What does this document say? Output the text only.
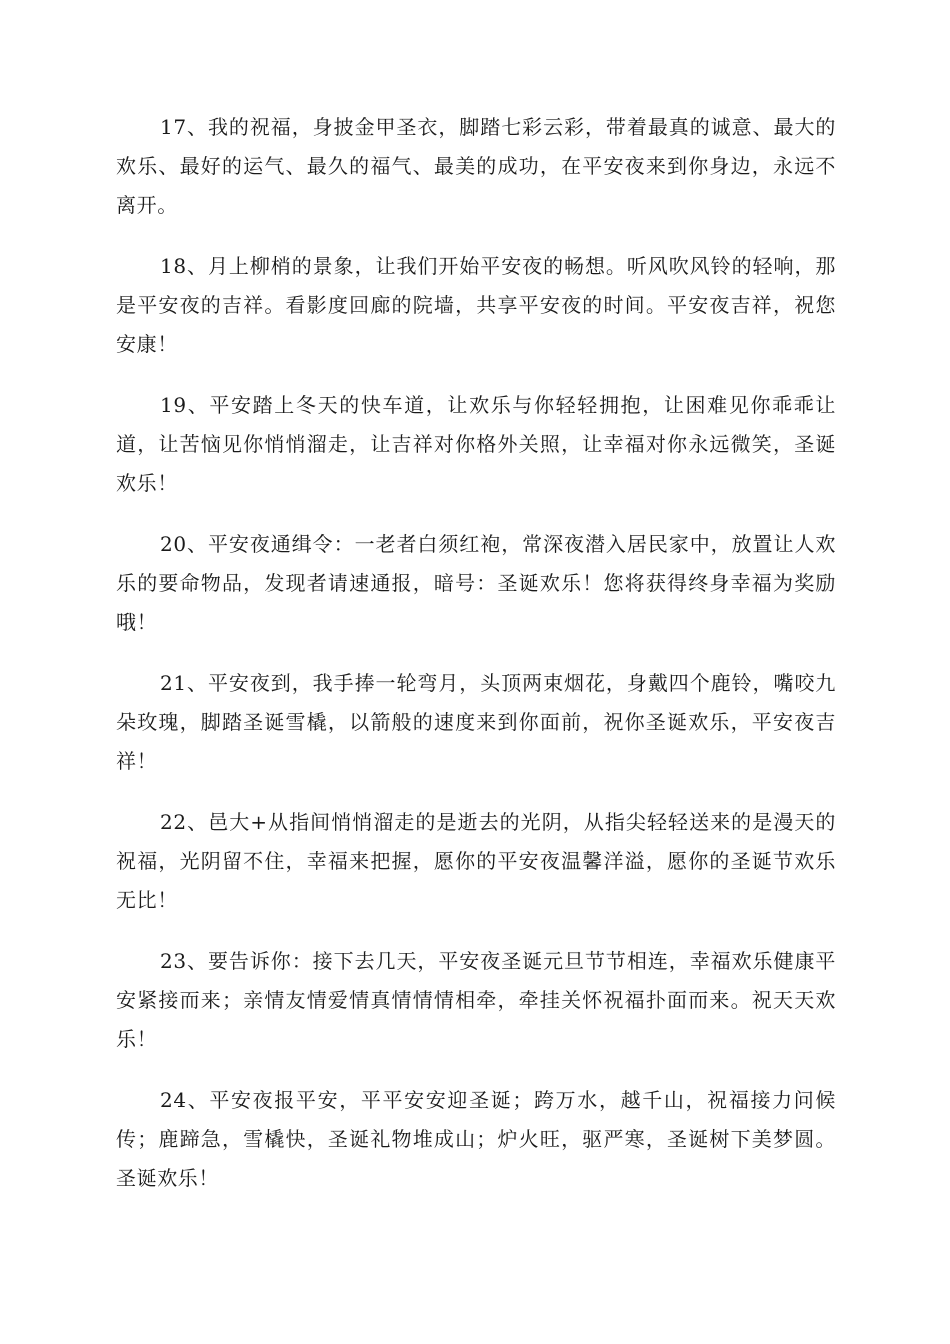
17、我的祝福，身披金甲圣衣，脚踏七彩云彩，带着最真的诚意、最大的欢乐、最好的运气、最久的福气、最美的成功，在平安夜来到你身边，永远不离开。

18、月上柳梢的景象，让我们开始平安夜的畅想。听风吹风铃的轻响，那是平安夜的吉祥。看影度回廊的院墙，共享平安夜的时间。平安夜吉祥，祝您安康！

19、平安踏上冬天的快车道，让欢乐与你轻轻拥抱，让困难见你乖乖让道，让苦恼见你悄悄溜走，让吉祥对你格外关照，让幸福对你永远微笑，圣诞欢乐！

20、平安夜通缉令：一老者白须红袍，常深夜潜入居民家中，放置让人欢乐的要命物品，发现者请速通报，暗号：圣诞欢乐！您将获得终身幸福为奖励哦！

21、平安夜到，我手捧一轮弯月，头顶两束烟花，身戴四个鹿铃，嘴咬九朵玫瑰，脚踏圣诞雪橇，以箭般的速度来到你面前，祝你圣诞欢乐，平安夜吉祥！

22、邑大+从指间悄悄溜走的是逝去的光阴，从指尖轻轻送来的是漫天的祝福，光阴留不住，幸福来把握，愿你的平安夜温馨洋溢，愿你的圣诞节欢乐无比！

23、要告诉你：接下去几天，平安夜圣诞元旦节节相连，幸福欢乐健康平安紧接而来；亲情友情爱情真情情情相牵，牵挂关怀祝福扑面而来。祝天天欢乐！

24、平安夜报平安，平平安安迎圣诞；跨万水，越千山，祝福接力问候传；鹿蹄急，雪橇快，圣诞礼物堆成山；炉火旺，驱严寒，圣诞树下美梦圆。圣诞欢乐！
